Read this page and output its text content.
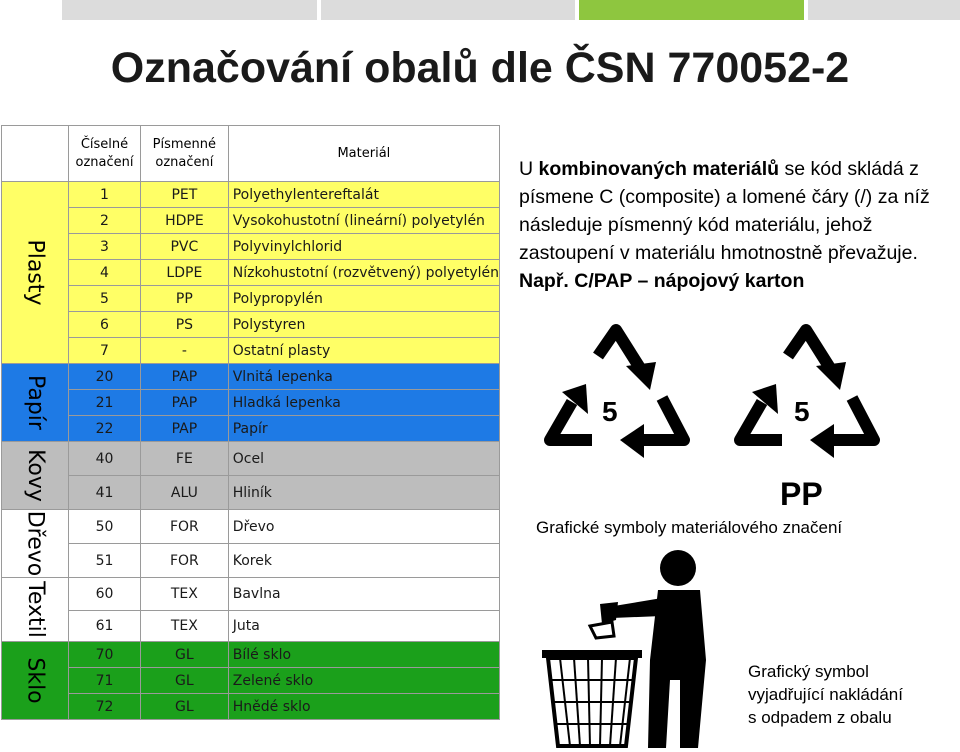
Označování obalů dle ČSN 770052-2
	Číselné označení	Písmenné označení	Materiál
Plasty	1	PET	Polyethylentereftalát
	2	HDPE	Vysokohustotní (lineární) polyetylén
	3	PVC	Polyvinylchlorid
	4	LDPE	Nízkohustotní (rozvětvený) polyetylén
	5	PP	Polypropylén
	6	PS	Polystyren
	7	-	Ostatní plasty
Papír	20	PAP	Vlnitá lepenka
	21	PAP	Hladká lepenka
	22	PAP	Papír
Kovy	40	FE	Ocel
	41	ALU	Hliník
Dřevo	50	FOR	Dřevo
	51	FOR	Korek
Textil	60	TEX	Bavlna
	61	TEX	Juta
Sklo	70	GL	Bílé sklo
	71	GL	Zelené sklo
	72	GL	Hnědé sklo
U kombinovaných materiálů se kód skládá z písmene C (composite) a lomené čáry (/) za níž následuje písmenný kód materiálu, jehož zastoupení v materiálu hmotnostně převažuje. Např. C/PAP – nápojový karton
5	5
PP
Grafické symboly materiálového značení
Grafický symbol
vyjadřující nakládání
s odpadem z obalu
